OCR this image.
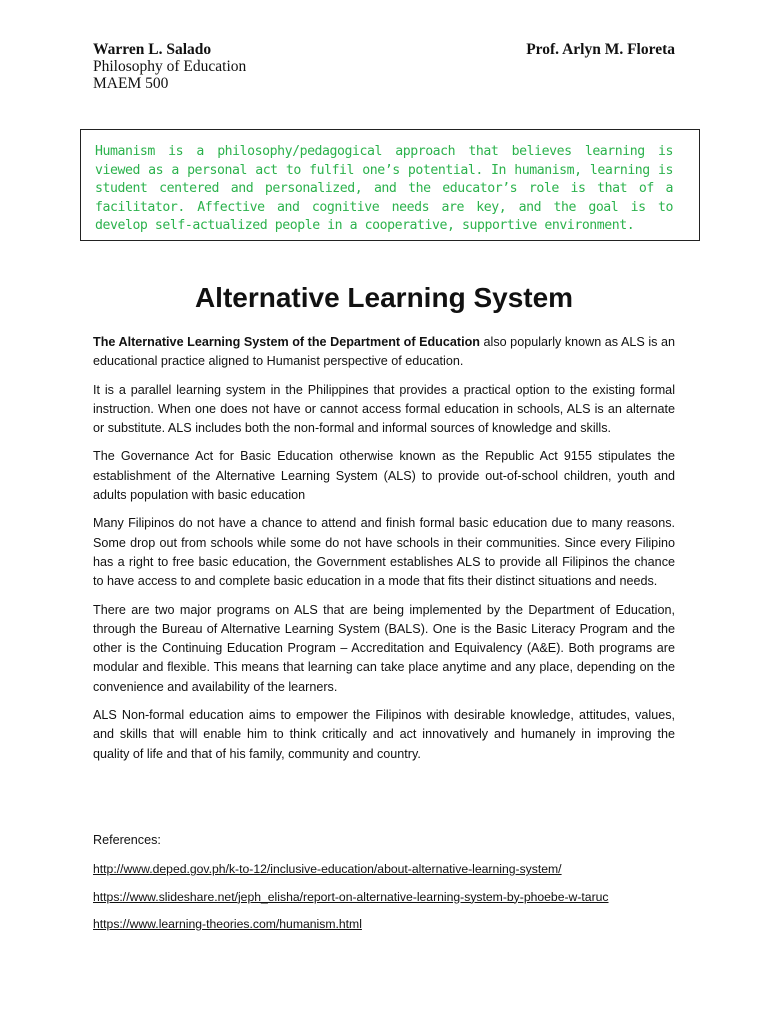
Warren L. Salado	Prof. Arlyn M. Floreta
Philosophy of Education
MAEM 500

Humanism is a philosophy/pedagogical approach that believes learning is viewed as a personal act to fulfil one’s potential. In humanism, learning is student centered and personalized, and the educator’s role is that of a facilitator. Affective and cognitive needs are key, and the goal is to develop self-actualized people in a cooperative, supportive environment.

Alternative Learning System

The Alternative Learning System of the Department of Education also popularly known as ALS is an educational practice aligned to Humanist perspective of education.

It is a parallel learning system in the Philippines that provides a practical option to the existing formal instruction. When one does not have or cannot access formal education in schools, ALS is an alternate or substitute. ALS includes both the non-formal and informal sources of knowledge and skills.

The Governance Act for Basic Education otherwise known as the Republic Act 9155 stipulates the establishment of the Alternative Learning System (ALS) to provide out-of-school children, youth and adults population with basic education

Many Filipinos do not have a chance to attend and finish formal basic education due to many reasons. Some drop out from schools while some do not have schools in their communities. Since every Filipino has a right to free basic education, the Government establishes ALS to provide all Filipinos the chance to have access to and complete basic education in a mode that fits their distinct situations and needs.

There are two major programs on ALS that are being implemented by the Department of Education, through the Bureau of Alternative Learning System (BALS). One is the Basic Literacy Program and the other is the Continuing Education Program – Accreditation and Equivalency (A&E). Both programs are modular and flexible. This means that learning can take place anytime and any place, depending on the convenience and availability of the learners.

ALS Non-formal education aims to empower the Filipinos with desirable knowledge, attitudes, values, and skills that will enable him to think critically and act innovatively and humanely in improving the quality of life and that of his family, community and country.

References:

http://www.deped.gov.ph/k-to-12/inclusive-education/about-alternative-learning-system/
https://www.slideshare.net/jeph_elisha/report-on-alternative-learning-system-by-phoebe-w-taruc
https://www.learning-theories.com/humanism.html
